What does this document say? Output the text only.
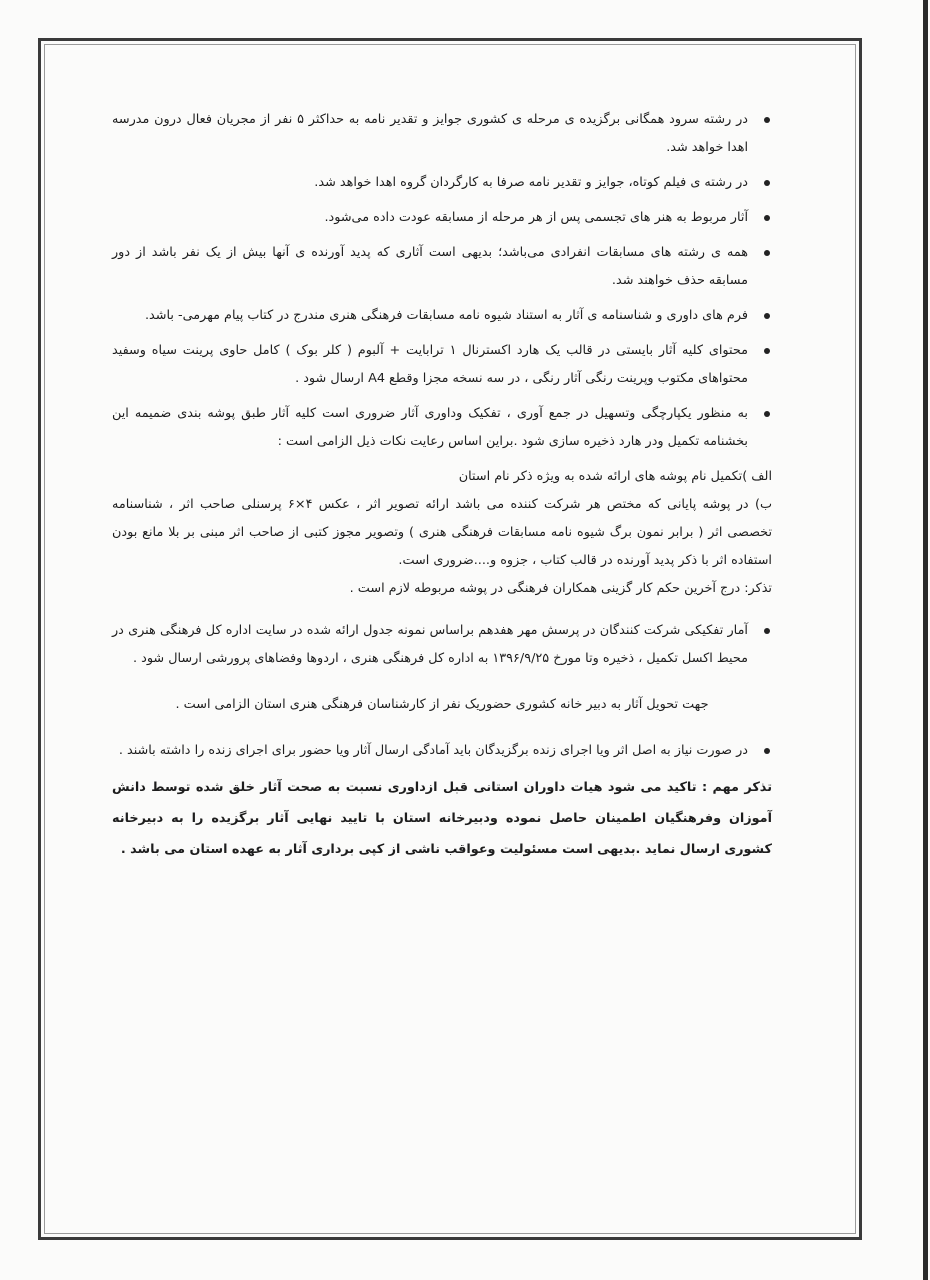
در رشته سرود همگانی برگزیده ی مرحله ی کشوری جوایز و تقدیر نامه به حداکثر ۵ نفر از مجریان فعال درون مدرسه اهدا خواهد شد.
در رشته ی فیلم کوتاه، جوایز و تقدیر نامه صرفا به کارگردان گروه اهدا خواهد شد.
آثار مربوط به هنر های تجسمی پس از هر مرحله از مسابقه عودت داده می‌شود.
همه ی رشته های مسابقات انفرادی می‌باشد؛ بدیهی است آثاری که پدید آورنده ی آنها بیش از یک نفر باشد از دور مسابقه حذف خواهند شد.
فرم های داوری و شناسنامه ی آثار به استناد شیوه نامه مسابقات فرهنگی هنری مندرج در کتاب پیام مهرمی- باشد.
محتوای کلیه آثار بایستی در قالب یک هارد اکسترنال ۱ ترابایت + آلبوم ( کلر بوک ) کامل حاوی پرینت سیاه وسفید محتواهای مکتوب وپرینت رنگی آثار رنگی ، در سه نسخه مجزا وقطع A4 ارسال شود .
به منظور یکپارچگی وتسهیل در جمع آوری ، تفکیک وداوری آثار ضروری است کلیه آثار طبق پوشه بندی ضمیمه این بخشنامه تکمیل ودر هارد ذخیره سازی شود .براین اساس رعایت نکات ذیل الزامی است :

الف )تکمیل نام پوشه های ارائه شده به ویژه ذکر نام استان

ب) در پوشه پایانی که مختص هر شرکت کننده می باشد ارائه تصویر اثر ، عکس ۴×۶ پرسنلی صاحب اثر ، شناسنامه تخصصی اثر ( برابر نمون برگ شیوه نامه مسابقات فرهنگی هنری ) وتصویر مجوز کتبی از صاحب اثر مبنی بر بلا مانع بودن استفاده اثر با ذکر پدید آورنده در قالب کتاب ، جزوه و....ضروری است.

تذکر: درج آخرین حکم کار گزینی همکاران فرهنگی در پوشه مربوطه لازم است .

آمار تفکیکی شرکت کنندگان در پرسش مهر هفدهم براساس نمونه جدول ارائه شده در سایت اداره کل فرهنگی هنری در محیط اکسل تکمیل ، ذخیره وتا مورخ ۱۳۹۶/۹/۲۵ به اداره کل فرهنگی هنری ، اردوها وفضاهای پرورشی ارسال شود .

جهت تحویل آثار به دبیر خانه کشوری حضوریک نفر از کارشناسان فرهنگی هنری استان الزامی است .

در صورت نیاز به اصل اثر ویا اجرای زنده برگزیدگان باید آمادگی ارسال آثار ویا حضور برای اجرای زنده را داشته باشند .

تذکر مهم : تاکید می شود هیات داوران استانی قبل ازداوری نسبت به صحت آثار خلق شده توسط دانش آموزان وفرهنگیان اطمینان حاصل نموده ودبیرخانه استان با تایید نهایی آثار برگزیده را به دبیرخانه کشوری ارسال نماید .بدیهی است مسئولیت وعواقب ناشی از کپی برداری آثار به عهده استان می باشد .
